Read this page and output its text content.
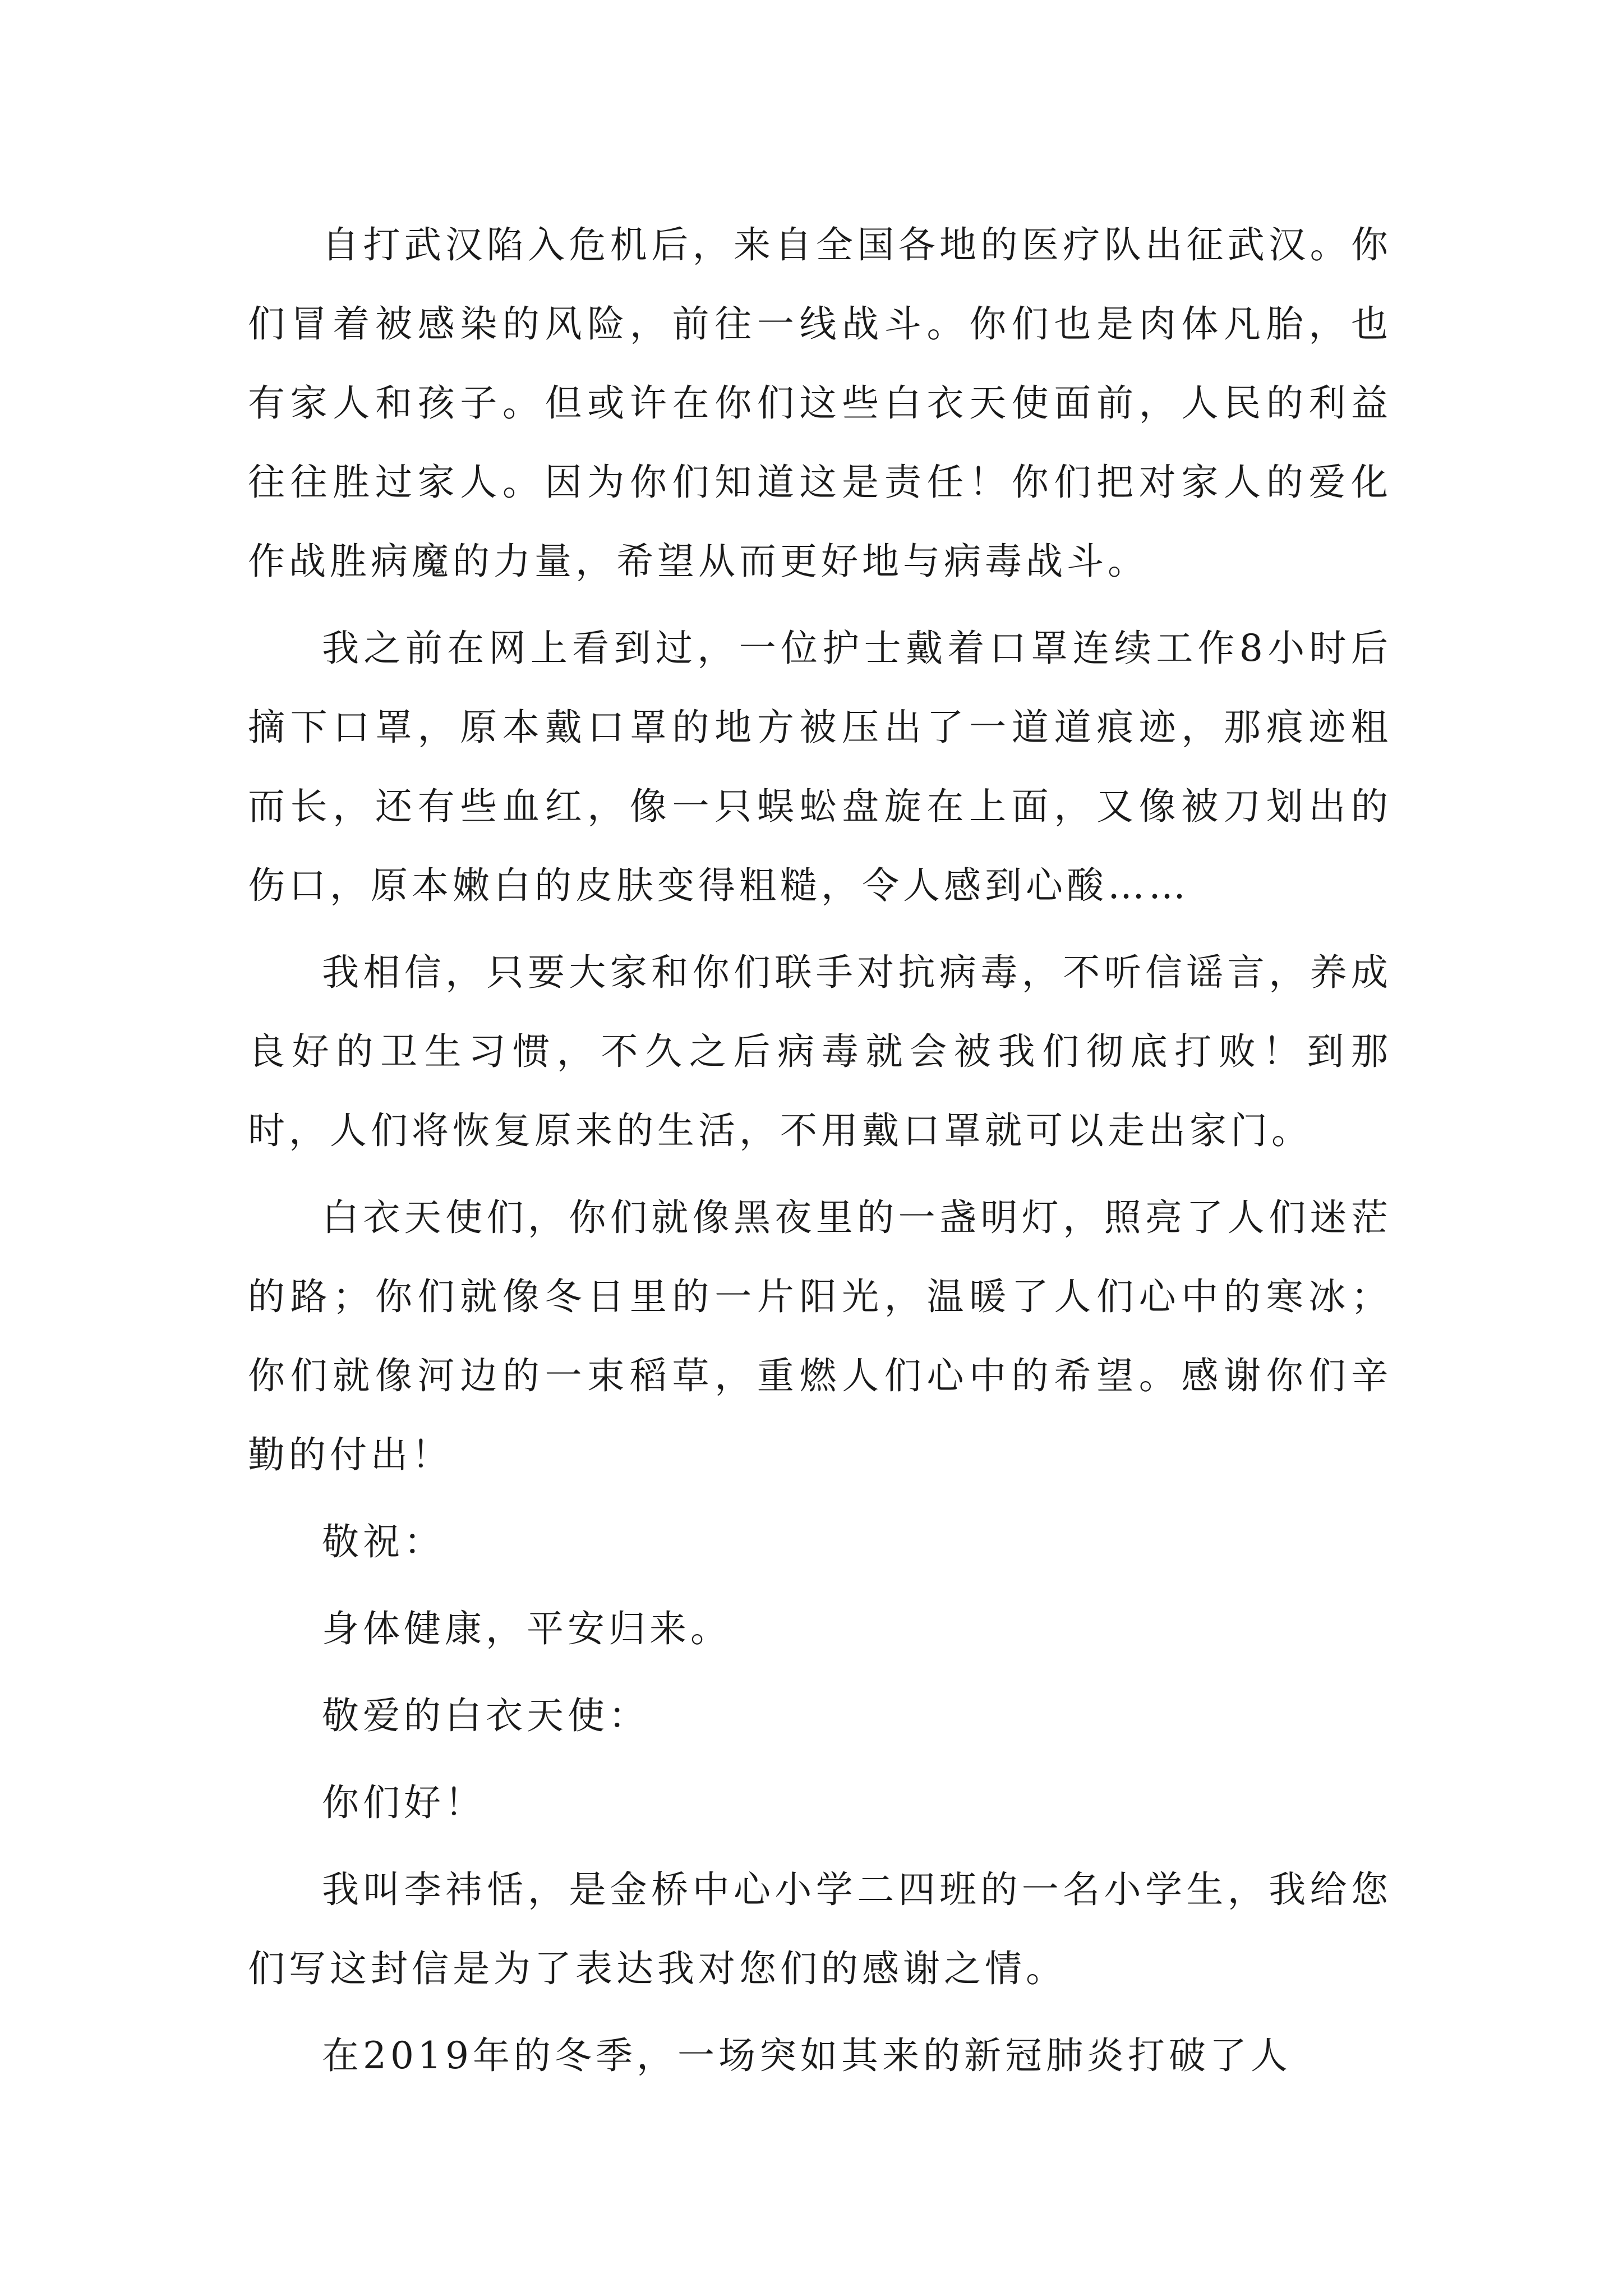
自打武汉陷入危机后，来自全国各地的医疗队出征武汉。你们冒着被感染的风险，前往一线战斗。你们也是肉体凡胎，也有家人和孩子。但或许在你们这些白衣天使面前，人民的利益往往胜过家人。因为你们知道这是责任！你们把对家人的爱化作战胜病魔的力量，希望从而更好地与病毒战斗。

我之前在网上看到过，一位护士戴着口罩连续工作8小时后摘下口罩，原本戴口罩的地方被压出了一道道痕迹，那痕迹粗而长，还有些血红，像一只蜈蚣盘旋在上面，又像被刀划出的伤口，原本嫩白的皮肤变得粗糙，令人感到心酸……

我相信，只要大家和你们联手对抗病毒，不听信谣言，养成良好的卫生习惯，不久之后病毒就会被我们彻底打败！到那时，人们将恢复原来的生活，不用戴口罩就可以走出家门。

白衣天使们，你们就像黑夜里的一盏明灯，照亮了人们迷茫的路；你们就像冬日里的一片阳光，温暖了人们心中的寒冰；你们就像河边的一束稻草，重燃人们心中的希望。感谢你们辛勤的付出！

敬祝：

身体健康，平安归来。

敬爱的白衣天使：

你们好！

我叫李祎恬，是金桥中心小学二四班的一名小学生，我给您们写这封信是为了表达我对您们的感谢之情。

在2019年的冬季，一场突如其来的新冠肺炎打破了人
